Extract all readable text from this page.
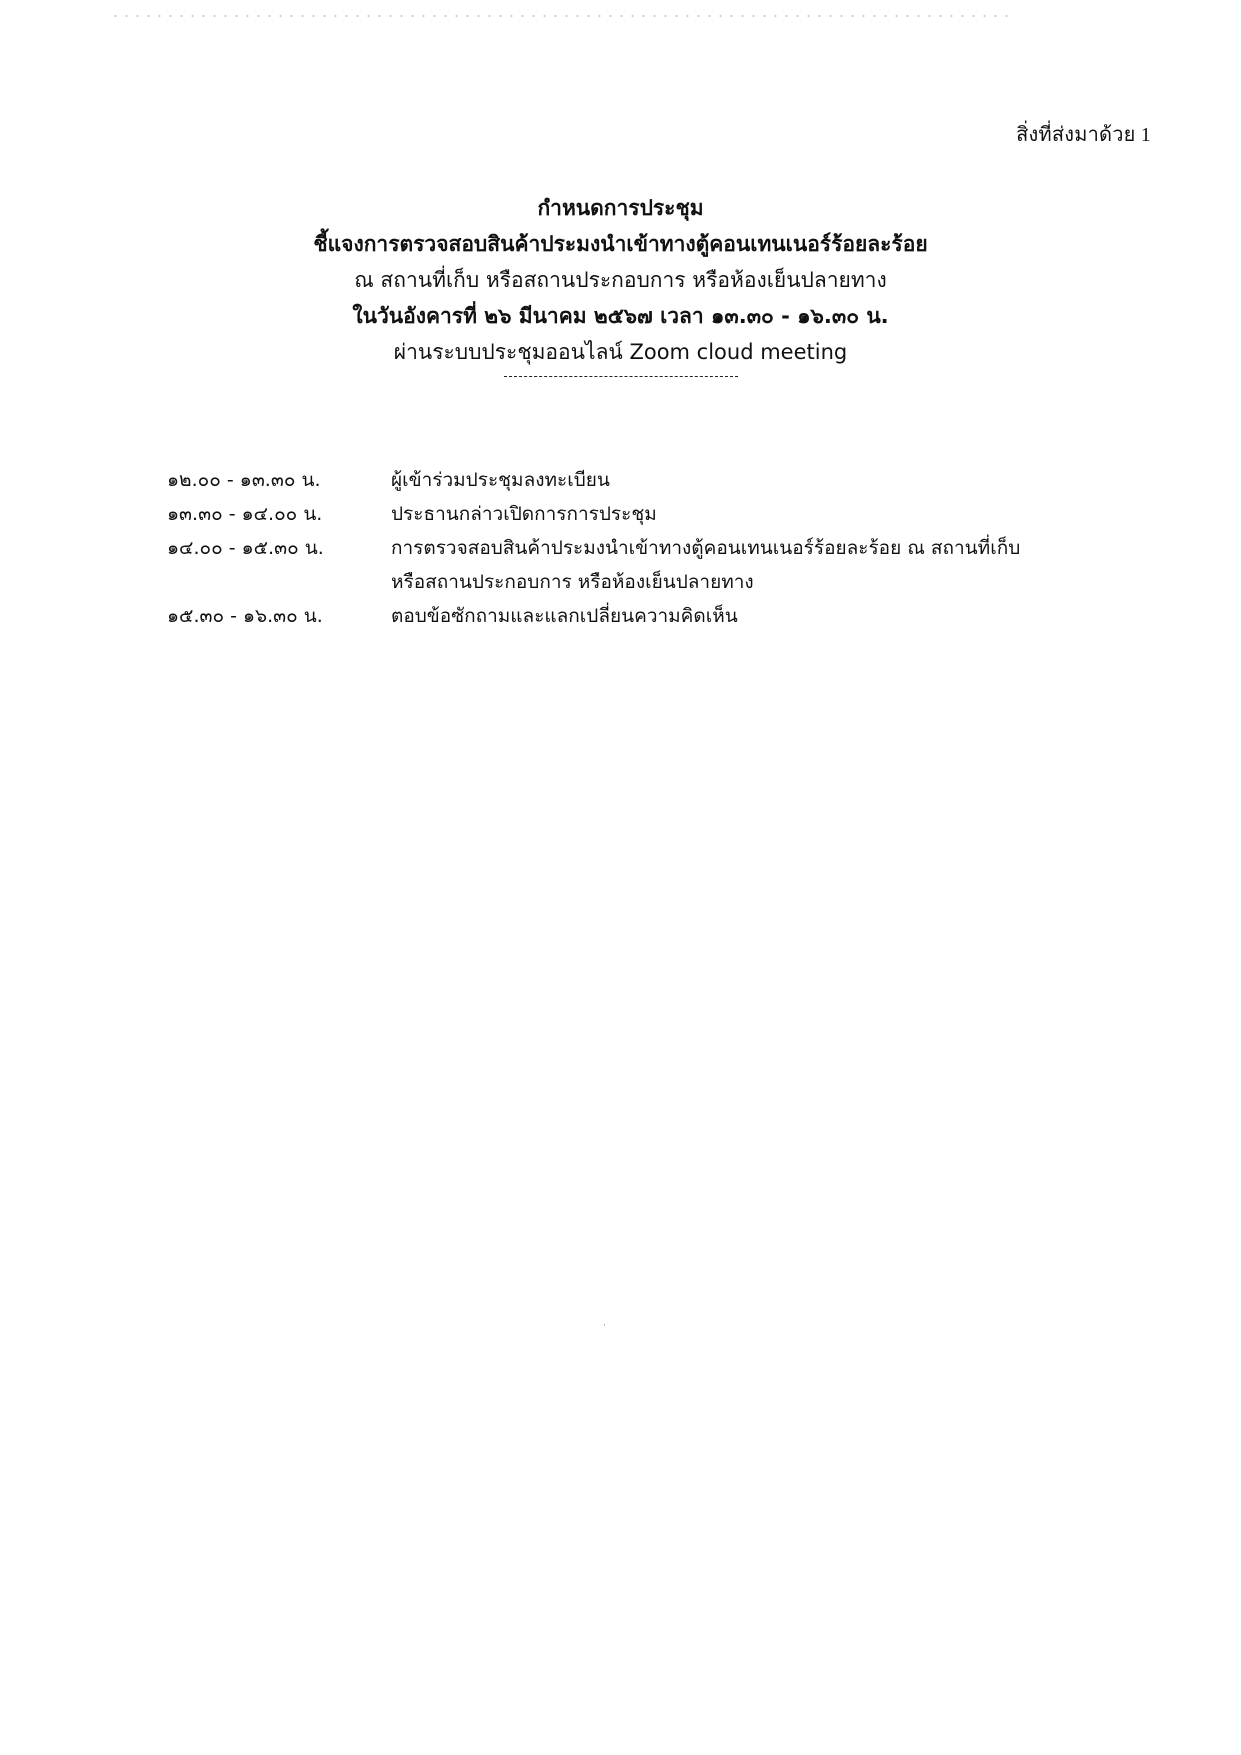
สิ่งที่ส่งมาด้วย 1
กำหนดการประชุม
ชี้แจงการตรวจสอบสินค้าประมงนำเข้าทางตู้คอนเทนเนอร์ร้อยละร้อย
ณ สถานที่เก็บ หรือสถานประกอบการ หรือห้องเย็นปลายทาง
ในวันอังคารที่ ๒๖ มีนาคม ๒๕๖๗ เวลา ๑๓.๓๐ - ๑๖.๓๐ น.
ผ่านระบบประชุมออนไลน์ Zoom cloud meeting
๑๒.๐๐ - ๑๓.๓๐ น.	ผู้เข้าร่วมประชุมลงทะเบียน
๑๓.๓๐ - ๑๔.๐๐ น.	ประธานกล่าวเปิดการการประชุม
๑๔.๐๐ - ๑๕.๓๐ น.	การตรวจสอบสินค้าประมงนำเข้าทางตู้คอนเทนเนอร์ร้อยละร้อย ณ สถานที่เก็บ
หรือสถานประกอบการ หรือห้องเย็นปลายทาง
๑๕.๓๐ - ๑๖.๓๐ น.	ตอบข้อซักถามและแลกเปลี่ยนความคิดเห็น
·
